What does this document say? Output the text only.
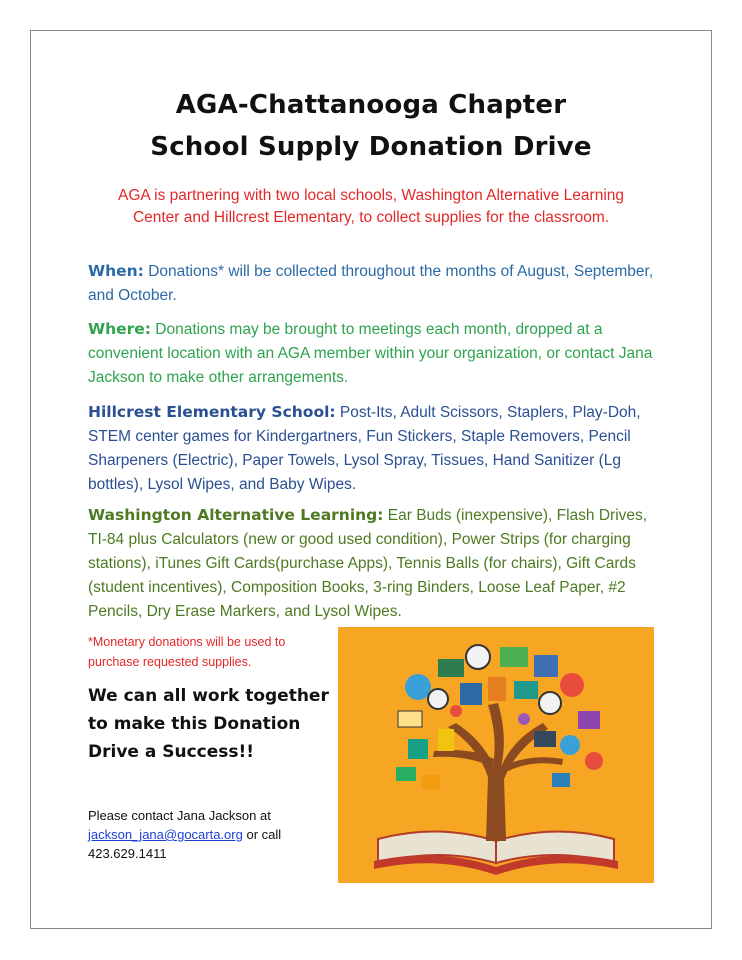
AGA-Chattanooga Chapter
School Supply Donation Drive

AGA is partnering with two local schools, Washington Alternative Learning Center and Hillcrest Elementary, to collect supplies for the classroom.

When: Donations* will be collected throughout the months of August, September, and October.

Where: Donations may be brought to meetings each month, dropped at a convenient location with an AGA member within your organization, or contact Jana Jackson to make other arrangements.

Hillcrest Elementary School: Post-Its, Adult Scissors, Staplers, Play-Doh, STEM center games for Kindergartners, Fun Stickers, Staple Removers, Pencil Sharpeners (Electric), Paper Towels, Lysol Spray, Tissues, Hand Sanitizer (Lg bottles), Lysol Wipes, and Baby Wipes.

Washington Alternative Learning: Ear Buds (inexpensive), Flash Drives, TI-84 plus Calculators (new or good used condition), Power Strips (for charging stations), iTunes Gift Cards(purchase Apps), Tennis Balls (for chairs), Gift Cards (student incentives), Composition Books, 3-ring Binders, Loose Leaf Paper, #2 Pencils, Dry Erase Markers, and Lysol Wipes.

*Monetary donations will be used to purchase requested supplies.

We can all work together to make this Donation Drive a Success!!

Please contact Jana Jackson at
jackson_jana@gocarta.org or call
423.629.1411
